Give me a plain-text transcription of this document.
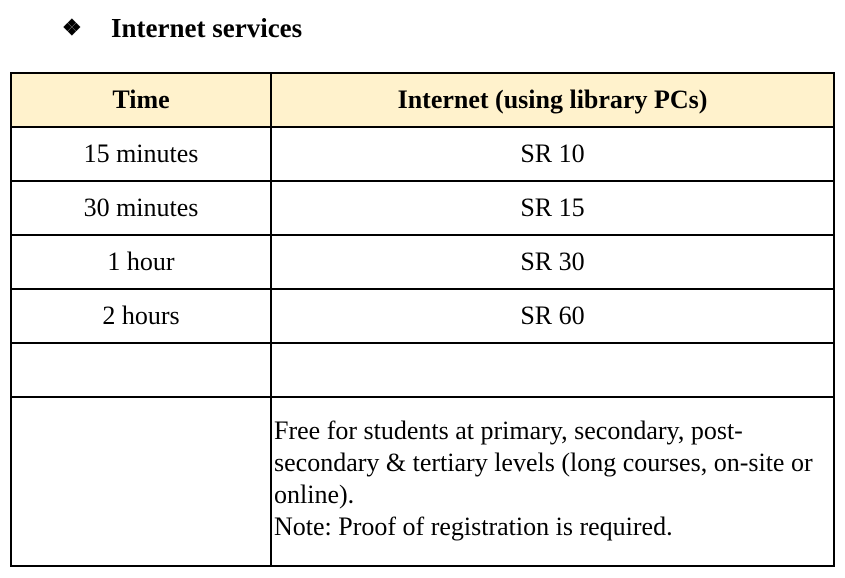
❖ Internet services
Time	Internet (using library PCs)
15 minutes	SR 10
30 minutes	SR 15
1 hour	SR 30
2 hours	SR 60

	Free for students at primary, secondary, post-secondary & tertiary levels (long courses, on-site or online).
Note: Proof of registration is required.
